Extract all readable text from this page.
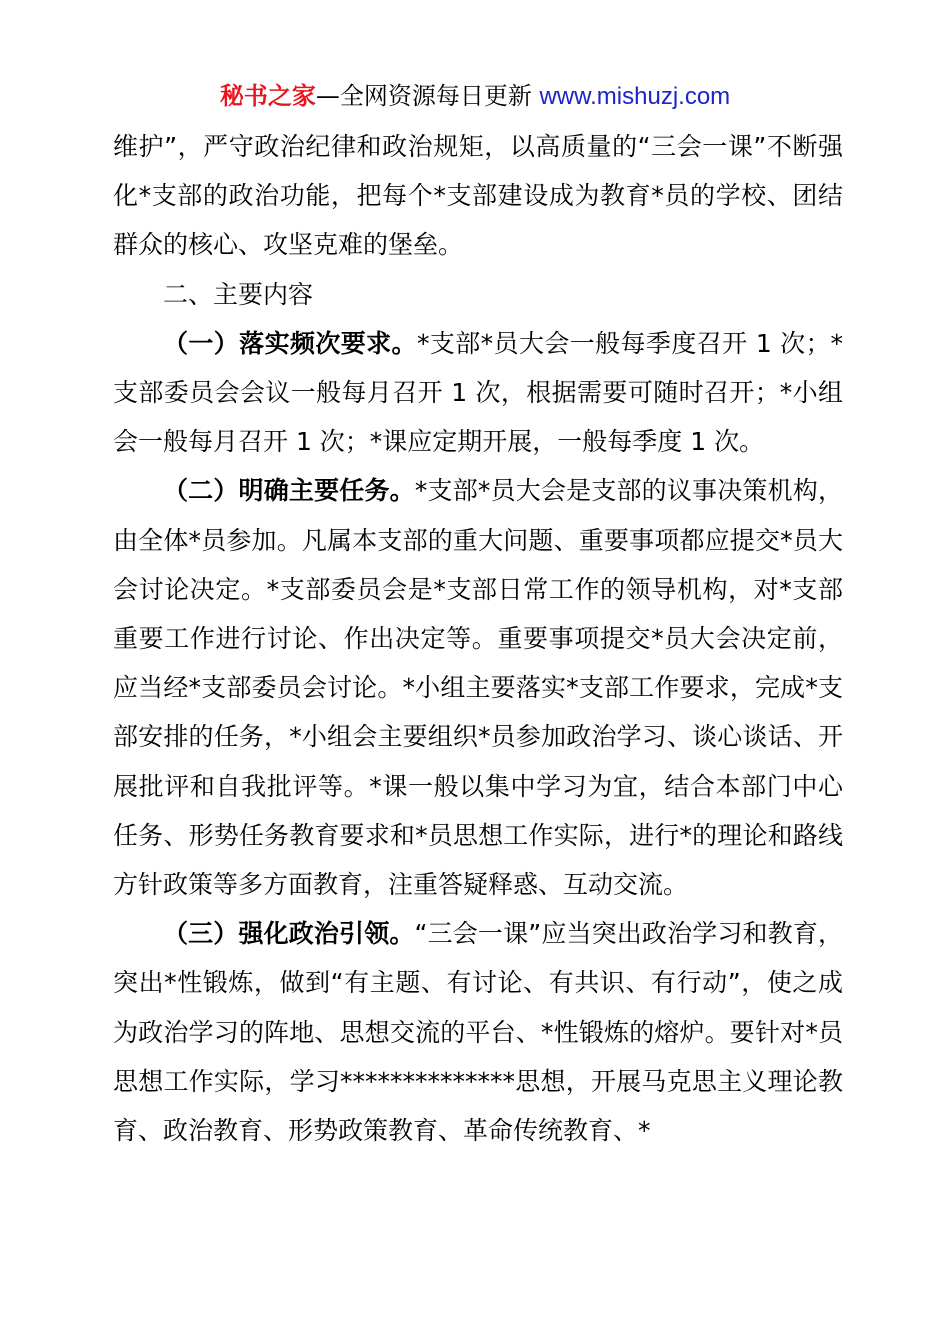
秘书之家—全网资源每日更新 www.mishuzj.com

维护”，严守政治纪律和政治规矩，以高质量的“三会一课”不断强化*支部的政治功能，把每个*支部建设成为教育*员的学校、团结群众的核心、攻坚克难的堡垒。

二、主要内容

（一）落实频次要求。*支部*员大会一般每季度召开 1 次；*支部委员会会议一般每月召开 1 次，根据需要可随时召开；*小组会一般每月召开 1 次；*课应定期开展，一般每季度 1 次。

（二）明确主要任务。*支部*员大会是支部的议事决策机构，由全体*员参加。凡属本支部的重大问题、重要事项都应提交*员大会讨论决定。*支部委员会是*支部日常工作的领导机构，对*支部重要工作进行讨论、作出决定等。重要事项提交*员大会决定前，应当经*支部委员会讨论。*小组主要落实*支部工作要求，完成*支部安排的任务，*小组会主要组织*员参加政治学习、谈心谈话、开展批评和自我批评等。*课一般以集中学习为宜，结合本部门中心任务、形势任务教育要求和*员思想工作实际，进行*的理论和路线方针政策等多方面教育，注重答疑释惑、互动交流。

（三）强化政治引领。“三会一课”应当突出政治学习和教育，突出*性锻炼，做到“有主题、有讨论、有共识、有行动”，使之成为政治学习的阵地、思想交流的平台、*性锻炼的熔炉。要针对*员思想工作实际，学习**************思想，开展马克思主义理论教育、政治教育、形势政策教育、革命传统教育、*
